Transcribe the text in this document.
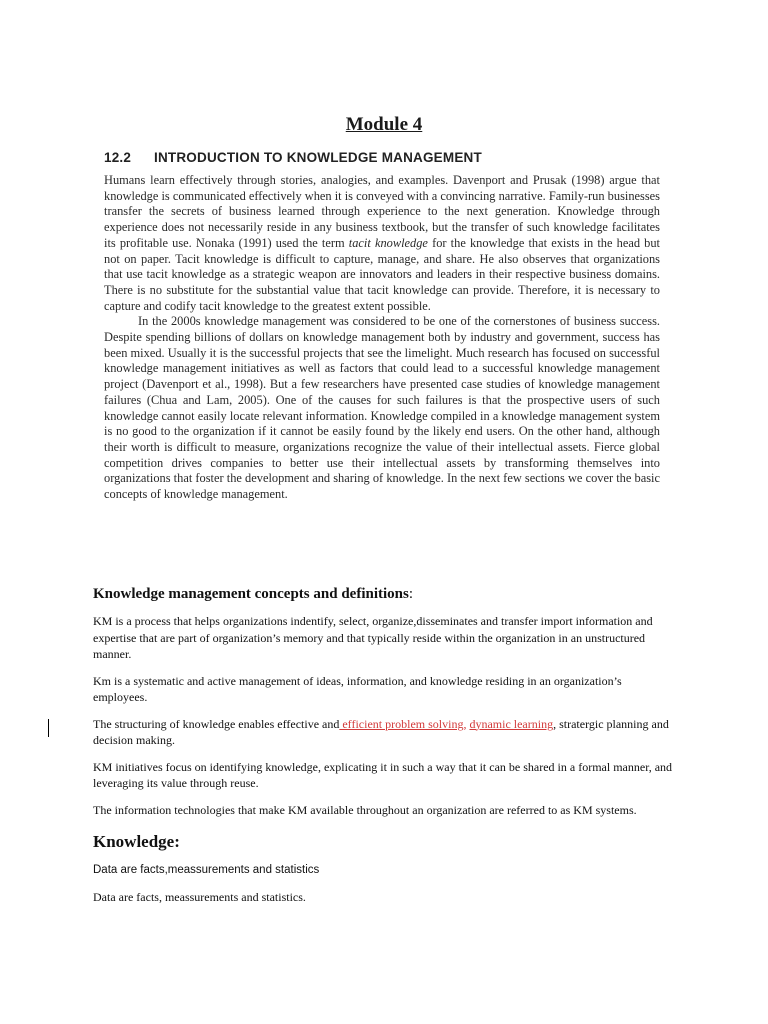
Module 4
12.2 INTRODUCTION TO KNOWLEDGE MANAGEMENT

Humans learn effectively through stories, analogies, and examples. Davenport and Prusak (1998) argue that knowledge is communicated effectively when it is conveyed with a convincing narrative. Family-run businesses transfer the secrets of business learned through experience to the next generation. Knowledge through experience does not necessarily reside in any business textbook, but the transfer of such knowledge facilitates its profitable use. Nonaka (1991) used the term tacit knowledge for the knowledge that exists in the head but not on paper. Tacit knowledge is difficult to capture, manage, and share. He also observes that organizations that use tacit knowledge as a strategic weapon are innovators and leaders in their respective business domains. There is no substitute for the substantial value that tacit knowledge can provide. Therefore, it is necessary to capture and codify tacit knowledge to the greatest extent possible.

In the 2000s knowledge management was considered to be one of the cornerstones of business success. Despite spending billions of dollars on knowledge management both by industry and government, success has been mixed. Usually it is the successful projects that see the limelight. Much research has focused on successful knowledge management initiatives as well as factors that could lead to a successful knowledge management project (Davenport et al., 1998). But a few researchers have presented case studies of knowledge management failures (Chua and Lam, 2005). One of the causes for such failures is that the prospective users of such knowledge cannot easily locate relevant information. Knowledge compiled in a knowledge management system is no good to the organization if it cannot be easily found by the likely end users. On the other hand, although their worth is difficult to measure, organizations recognize the value of their intellectual assets. Fierce global competition drives companies to better use their intellectual assets by transforming themselves into organizations that foster the development and sharing of knowledge. In the next few sections we cover the basic concepts of knowledge management.

Knowledge management concepts and definitions:

KM is a process that helps organizations indentify, select, organize,disseminates and transfer import information and expertise that are part of organization’s memory and that typically reside within the organization in an unstructured manner.

Km is a systematic and active management of ideas, information, and knowledge residing in an organization’s employees.

The structuring of knowledge enables effective and efficient problem solving, dynamic learning, stratergic planning and decision making.

KM initiatives focus on identifying knowledge, explicating it in such a way that it can be shared in a formal manner, and leveraging its value through reuse.

The information technologies that make KM available throughout an organization are referred to as KM systems.

Knowledge:

Data are facts,meassurements and statistics

Data are facts, meassurements and statistics.
